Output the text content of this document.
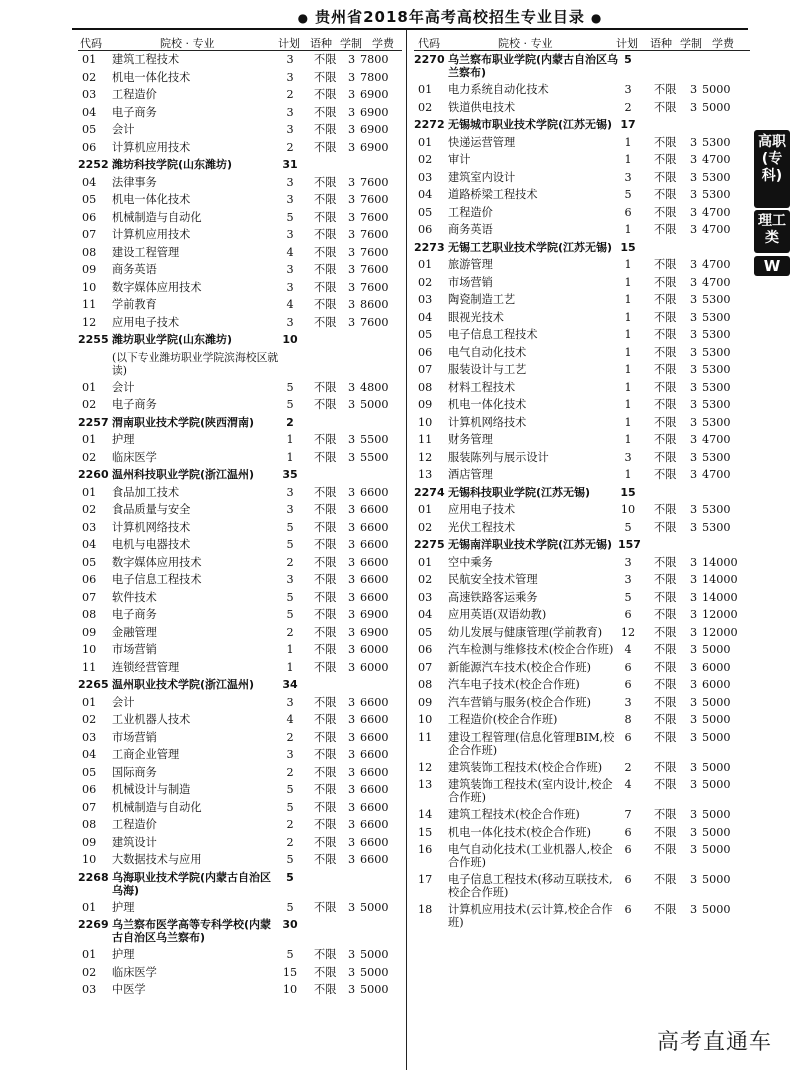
● 贵州省2018年高考高校招生专业目录 ●
代码	院校 · 专业	计划 语种 学制 学费
01 建筑工程技术	3	不限 3 7800
02 机电一体化技术	3	不限 3 7800
03 工程造价	2	不限 3 6900
04 电子商务	3	不限 3 6900
05 会计	3	不限 3 6900
06 计算机应用技术	2	不限 3 6900
2252 潍坊科技学院(山东潍坊)	31
04 法律事务	3	不限 3 7600
05 机电一体化技术	3	不限 3 7600
06 机械制造与自动化	5	不限 3 7600
07 计算机应用技术	3	不限 3 7600
08 建设工程管理	4	不限 3 7600
09 商务英语	3	不限 3 7600
10 数字媒体应用技术	3	不限 3 7600
11 学前教育	4	不限 3 8600
12 应用电子技术	3	不限 3 7600
2255 潍坊职业学院(山东潍坊)	10
(以下专业潍坊职业学院滨海校区就读)
01 会计	5	不限 3 4800
02 电子商务	5	不限 3 5000
2257 渭南职业技术学院(陕西渭南)	2
01 护理	1	不限 3 5500
02 临床医学	1	不限 3 5500
2260 温州科技职业学院(浙江温州)	35
01 食品加工技术	3	不限 3 6600
02 食品质量与安全	3	不限 3 6600
03 计算机网络技术	5	不限 3 6600
04 电机与电器技术	5	不限 3 6600
05 数字媒体应用技术	2	不限 3 6600
06 电子信息工程技术	3	不限 3 6600
07 软件技术	5	不限 3 6600
08 电子商务	5	不限 3 6900
09 金融管理	2	不限 3 6900
10 市场营销	1	不限 3 6000
11 连锁经营管理	1	不限 3 6000
2265 温州职业技术学院(浙江温州)	34
01 会计	3	不限 3 6600
02 工业机器人技术	4	不限 3 6600
03 市场营销	2	不限 3 6600
04 工商企业管理	3	不限 3 6600
05 国际商务	2	不限 3 6600
06 机械设计与制造	5	不限 3 6600
07 机械制造与自动化	5	不限 3 6600
08 工程造价	2	不限 3 6600
09 建筑设计	2	不限 3 6600
10 大数据技术与应用	5	不限 3 6600
2268 乌海职业技术学院(内蒙古自治区乌海)
5
01 护理	5	不限 3 5000
2269 乌兰察布医学高等专科学校(内蒙古自治区乌兰察布)
30
01 护理	5	不限 3 5000
02 临床医学	15 不限 3 5000
03 中医学	10 不限 3 5000
代码	院校 · 专业	计划 语种 学制 学费
2270 乌兰察布职业学院(内蒙古自治区乌兰察布)
5
01 电力系统自动化技术	3	不限 3 5000
02 铁道供电技术	2	不限 3 5000
2272 无锡城市职业技术学院(江苏无锡) 17
01 快递运营管理	1	不限 3 5300
02 审计	1	不限 3 4700
03 建筑室内设计	3	不限 3 5300
04 道路桥梁工程技术	5	不限 3 5300
05 工程造价	6	不限 3 4700
06 商务英语	1	不限 3 4700
2273 无锡工艺职业技术学院(江苏无锡) 15
01 旅游管理	1	不限 3 4700
02 市场营销	1	不限 3 4700
03 陶瓷制造工艺	1	不限 3 5300
04 眼视光技术	1	不限 3 5300
05 电子信息工程技术	1	不限 3 5300
06 电气自动化技术	1	不限 3 5300
07 服装设计与工艺	1	不限 3 5300
08 材料工程技术	1	不限 3 5300
09 机电一体化技术	1	不限 3 5300
10 计算机网络技术	1	不限 3 5300
11 财务管理	1	不限 3 4700
12 服装陈列与展示设计	3	不限 3 5300
13 酒店管理	1	不限 3 4700
2274 无锡科技职业学院(江苏无锡)	15
01 应用电子技术	10 不限 3 5300
02 光伏工程技术	5	不限 3 5300
2275 无锡南洋职业技术学院(江苏无锡) 157
01 空中乘务	3	不限 3 14000
02 民航安全技术管理	3	不限 3 14000
03 高速铁路客运乘务	5	不限 3 14000
04 应用英语(双语幼教)	6	不限 3 12000
05 幼儿发展与健康管理(学前教育)	12 不限 3 12000
06 汽车检测与维修技术(校企合作班) 4	不限 3 5000
07 新能源汽车技术(校企合作班)	6	不限 3 6000
08 汽车电子技术(校企合作班)	6	不限 3 6000
09 汽车营销与服务(校企合作班)	3	不限 3 5000
10 工程造价(校企合作班)	8	不限 3 5000
11 建设工程管理(信息化管理BIM,校企合作班)
6	不限 3 5000
12 建筑装饰工程技术(校企合作班)	2	不限 3 5000
13 建筑装饰工程技术(室内设计,校企合作班)
4	不限 3 5000
14 建筑工程技术(校企合作班)	7	不限 3 5000
15 机电一体化技术(校企合作班)	6	不限 3 5000
16 电气自动化技术(工业机器人,校企合作班)
6	不限 3 5000
17 电子信息工程技术(移动互联技术,校企合作班)
6	不限 3 5000
18 计算机应用技术(云计算,校企合作班)
6	不限 3 5000
高职(专科)
理工类
W
高考直通车
